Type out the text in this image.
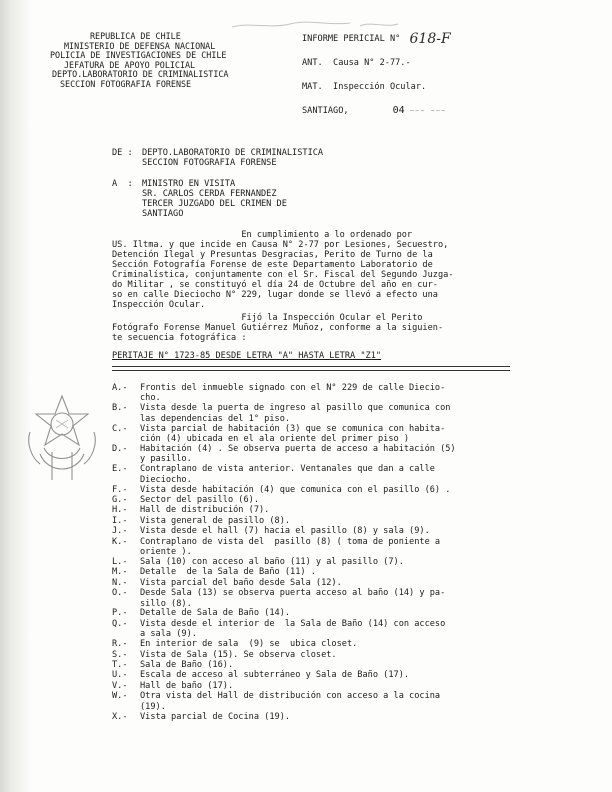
REPUBLICA DE CHILE
MINISTERIO DE DEFENSA NACIONAL
POLICIA DE INVESTIGACIONES DE CHILE
JEFATURA DE APOYO POLICIAL
DEPTO.LABORATORIO DE CRIMINALISTICA
SECCION FOTOGRAFIA FORENSE
INFORME PERICIAL N° 618-F
ANT.  Causa N° 2-77.-
MAT.  Inspección Ocular.
SANTIAGO,	04 ~~~ ~~~
DE : DEPTO.LABORATORIO DE CRIMINALISTICA
SECCION FOTOGRAFIA FORENSE
A  : MINISTRO EN VISITA
SR. CARLOS CERDA FERNANDEZ
TERCER JUZGADO DEL CRIMEN DE
SANTIAGO
En cumplimiento a lo ordenado por
US. Iltma. y que incide en Causa N° 2-77 por Lesiones, Secuestro,
Detención Ilegal y Presuntas Desgracias, Perito de Turno de la
Sección Fotografía Forense de este Departamento Laboratorio de
Criminalística, conjuntamente con el Sr. Fiscal del Segundo Juzga-
do Militar , se constituyó el día 24 de Octubre del año en cur-
so en calle Dieciocho N° 229, lugar donde se llevó a efecto una
Inspección Ocular.
Fijó la Inspección Ocular el Perito
Fotógrafo Forense Manuel Gutiérrez Muñoz, conforme a la siguien-
te secuencia fotográfica :
PERITAJE N° 1723-85 DESDE LETRA "A" HASTA LETRA "Z1"
A.- Frontis del inmueble signado con el N° 229 de calle Diecio-
cho.
B.- Vista desde la puerta de ingreso al pasillo que comunica con
las dependencias del 1° piso.
C.- Vista parcial de habitación (3) que se comunica con habita-
ción (4) ubicada en el ala oriente del primer piso )
D.- Habitación (4) . Se observa puerta de acceso a habitación (5)
y pasillo.
E.- Contraplano de vista anterior. Ventanales que dan a calle
Dieciocho.
F.- Vista desde habitación (4) que comunica con el pasillo (6) .
G.- Sector del pasillo (6).
H.- Hall de distribución (7).
I.- Vista general de pasillo (8).
J.- Vista desde el hall (7) hacia el pasillo (8) y sala (9).
K.- Contraplano de vista del  pasillo (8) ( toma de poniente a
oriente ).
L.- Sala (10) con acceso al baño (11) y al pasillo (7).
M.- Detalle  de la Sala de Baño (11) .
N.- Vista parcial del baño desde Sala (12).
O.- Desde Sala (13) se observa puerta acceso al baño (14) y pa-
sillo (8).
P.- Detalle de Sala de Baño (14).
Q.- Vista desde el interior de  la Sala de Baño (14) con acceso
a sala (9).
R.- En interior de sala  (9) se  ubica closet.
S.- Vista de Sala (15). Se observa closet.
T.- Sala de Baño (16).
U.- Escala de acceso al subterráneo y Sala de Baño (17).
V.- Hall de baño (17).
W.- Otra vista del Hall de distribución con acceso a la cocina
(19).
X.- Vista parcial de Cocina (19).
